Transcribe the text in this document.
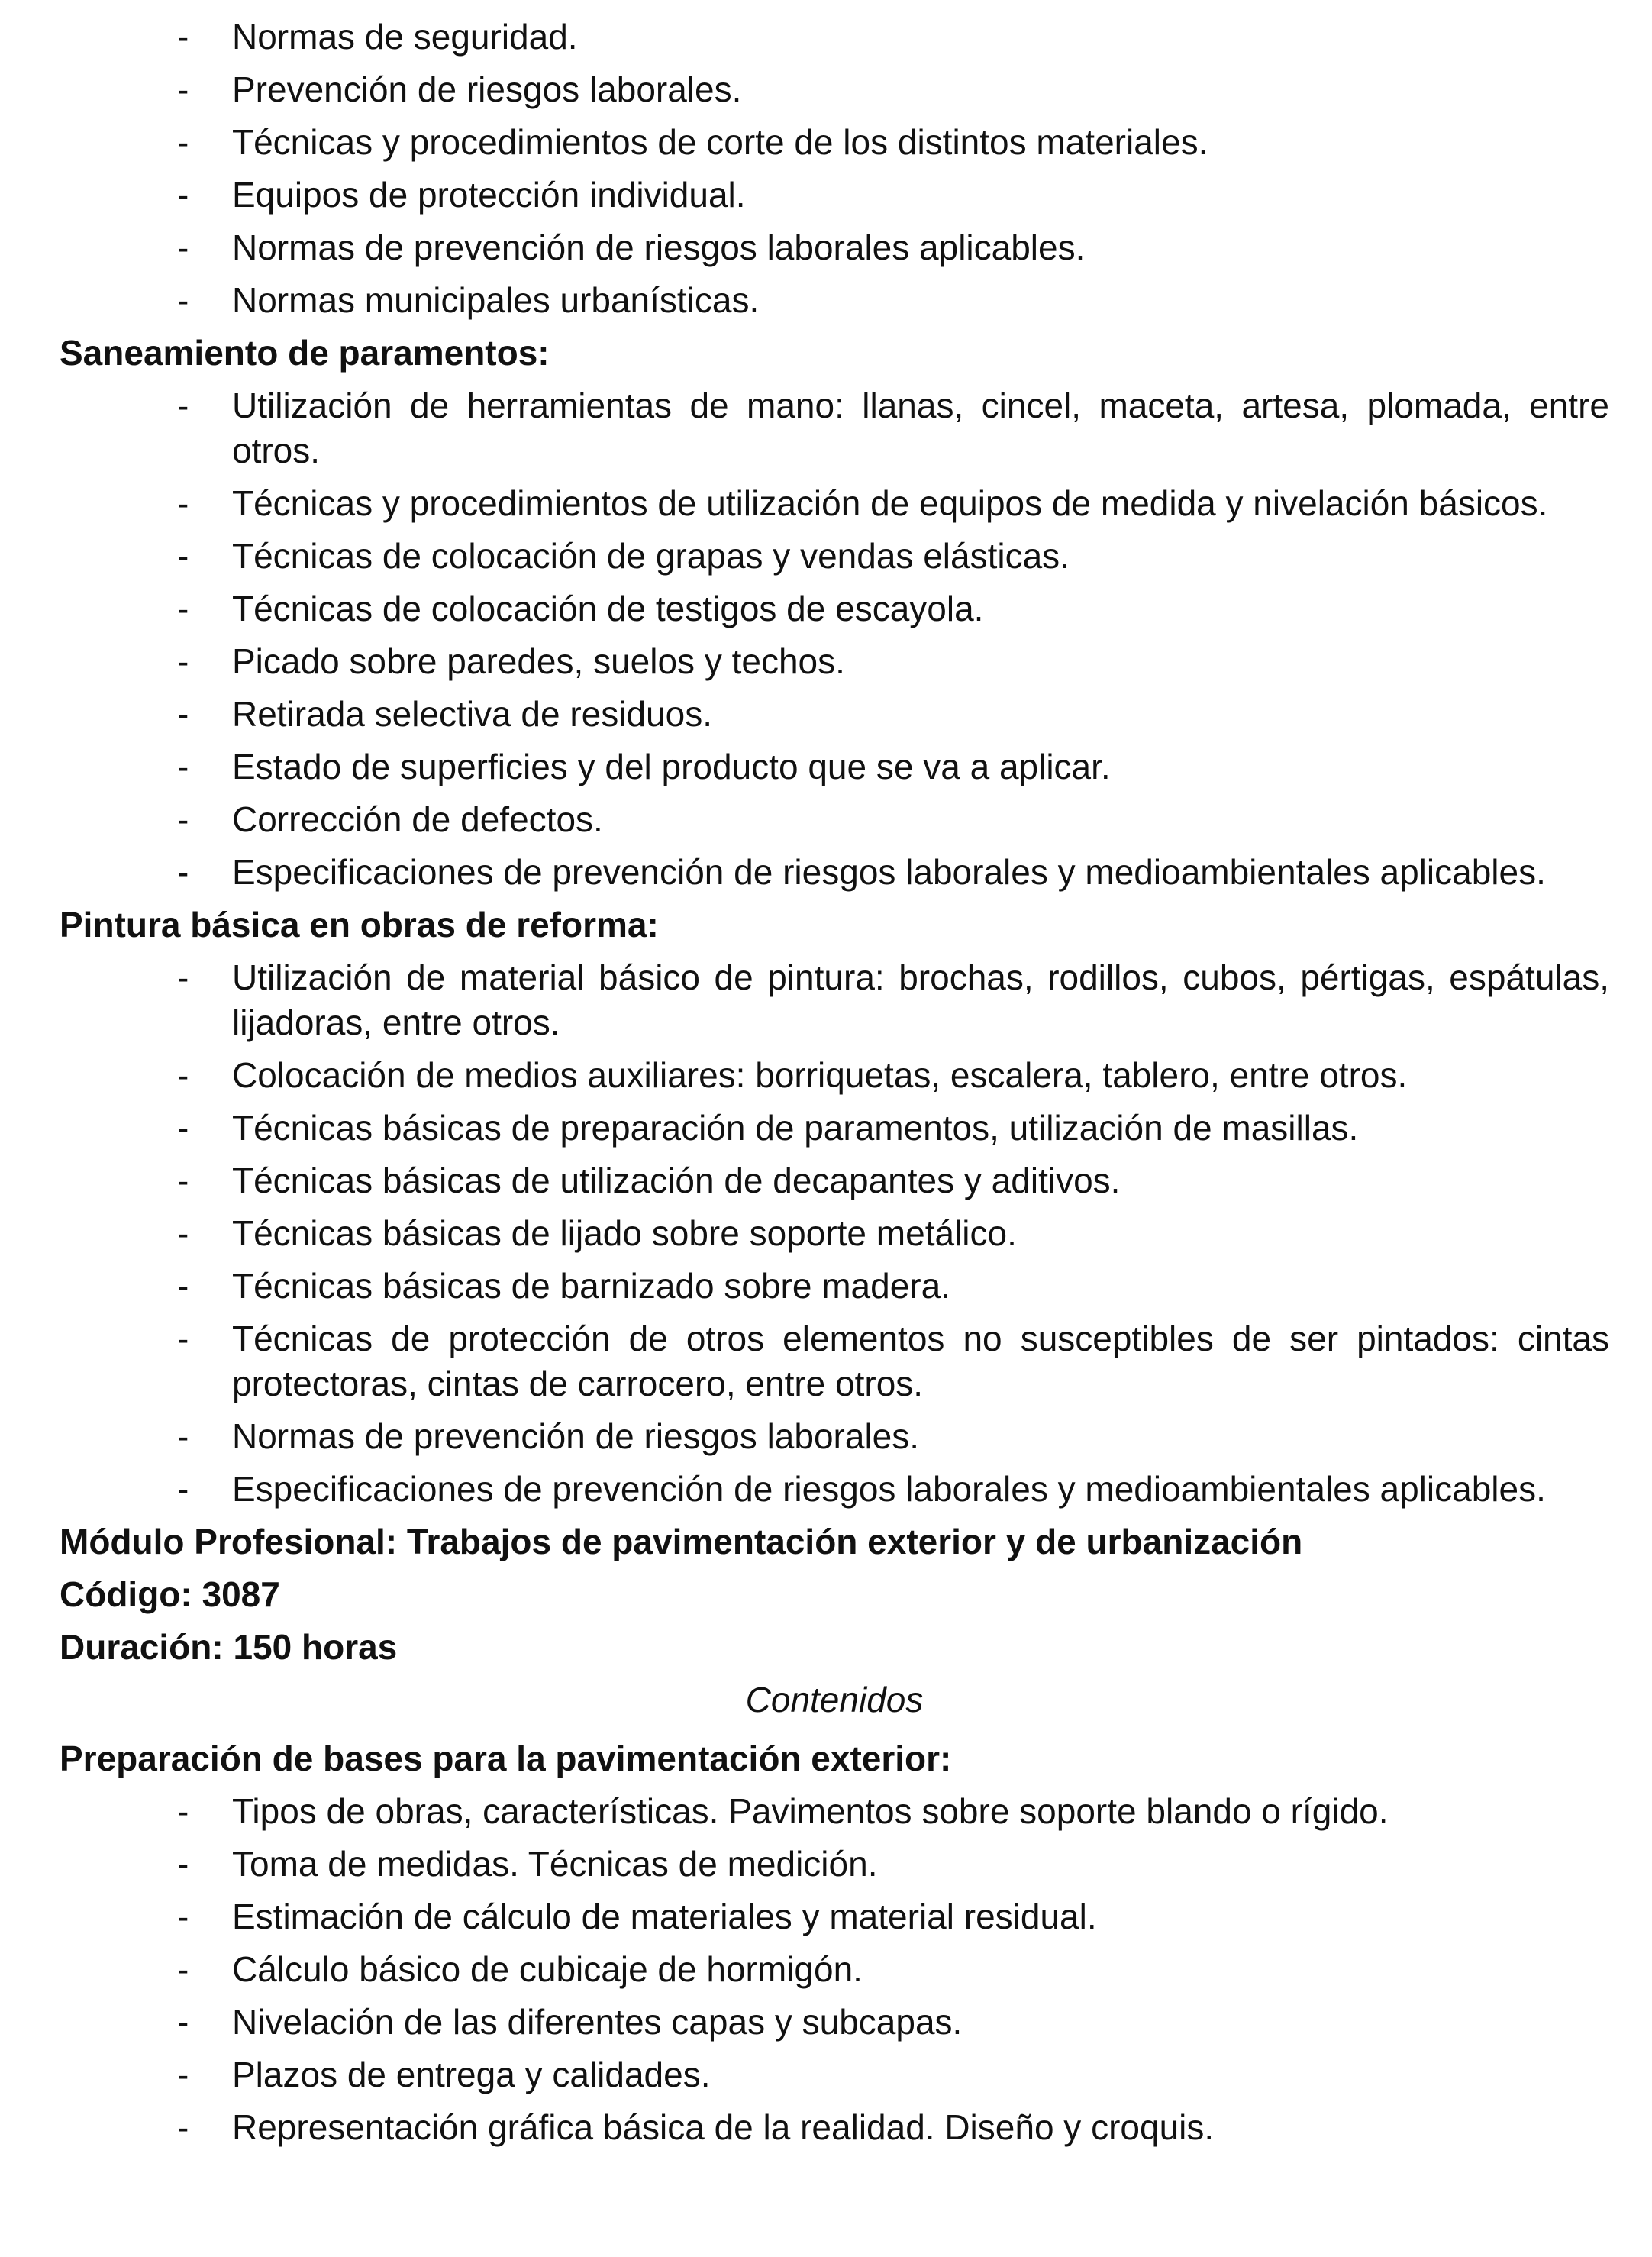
-	Normas de seguridad.
-	Prevención de riesgos laborales.
-	Técnicas y procedimientos de corte de los distintos materiales.
-	Equipos de protección individual.
-	Normas de prevención de riesgos laborales aplicables.
-	Normas municipales urbanísticas.
Saneamiento de paramentos:
-	Utilización de herramientas de mano: llanas, cincel, maceta, artesa, plomada, entre otros.
-	Técnicas y procedimientos de utilización de equipos de medida y nivelación básicos.
-	Técnicas de colocación de grapas y vendas elásticas.
-	Técnicas de colocación de testigos de escayola.
-	Picado sobre paredes, suelos y techos.
-	Retirada selectiva de residuos.
-	Estado de superficies y del producto que se va a aplicar.
-	Corrección de defectos.
-	Especificaciones de prevención de riesgos laborales y medioambientales aplicables.
Pintura básica en obras de reforma:
-	Utilización de material básico de pintura: brochas, rodillos, cubos, pértigas, espátulas, lijadoras, entre otros.
-	Colocación de medios auxiliares: borriquetas, escalera, tablero, entre otros.
-	Técnicas básicas de preparación de paramentos, utilización de masillas.
-	Técnicas básicas de utilización de decapantes y aditivos.
-	Técnicas básicas de lijado sobre soporte metálico.
-	Técnicas básicas de barnizado sobre madera.
-	Técnicas de protección de otros elementos no susceptibles de ser pintados: cintas protectoras, cintas de carrocero, entre otros.
-	Normas de prevención de riesgos laborales.
-	Especificaciones de prevención de riesgos laborales y medioambientales aplicables.
Módulo Profesional: Trabajos de pavimentación exterior y de urbanización
Código: 3087
Duración: 150 horas
Contenidos
Preparación de bases para la pavimentación exterior:
-	Tipos de obras, características. Pavimentos sobre soporte blando o rígido.
-	Toma de medidas. Técnicas de medición.
-	Estimación de cálculo de materiales y material residual.
-	Cálculo básico de cubicaje de hormigón.
-	Nivelación de las diferentes capas y subcapas.
-	Plazos de entrega y calidades.
-	Representación gráfica básica de la realidad. Diseño y croquis.
